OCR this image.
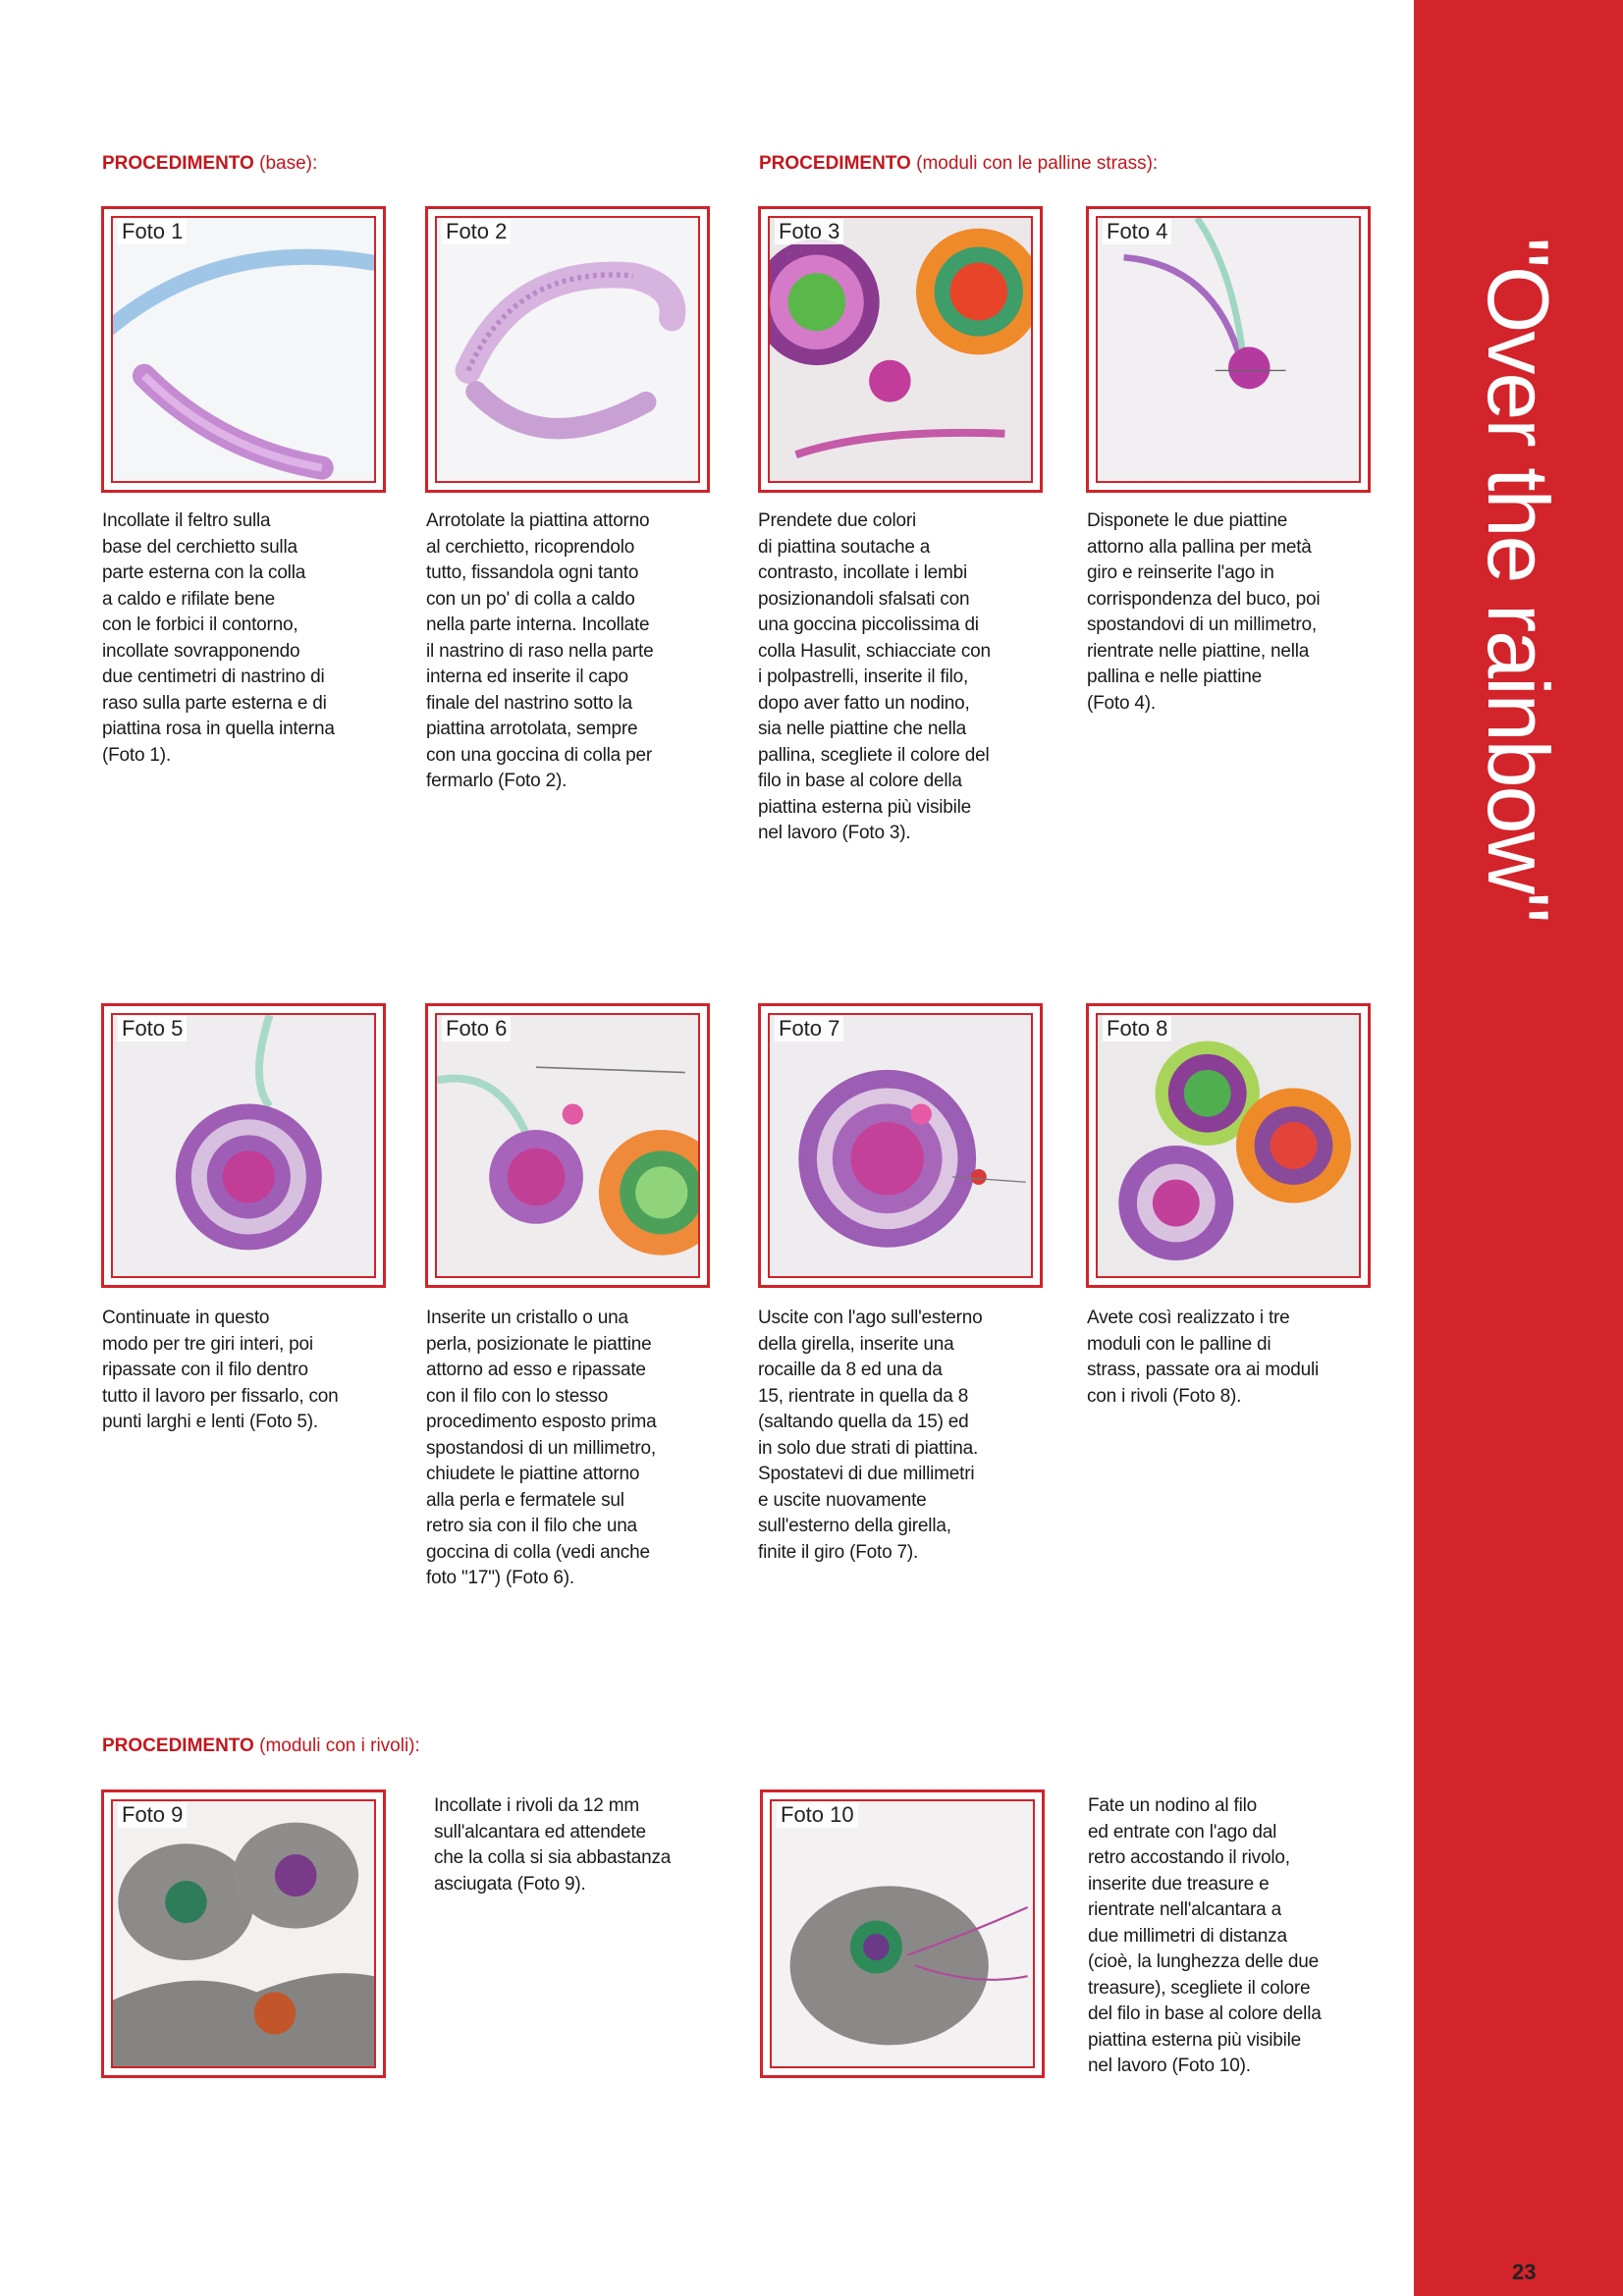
PROCEDIMENTO (base):	PROCEDIMENTO (moduli con le palline strass):
PROCEDIMENTO (moduli con i rivoli):
Foto 1	Foto 2	Foto 3	Foto 4
Incollate il feltro sulla
base del cerchietto sulla
parte esterna con la colla
a caldo e rifilate bene
con le forbici il contorno,
incollate sovrapponendo
due centimetri di nastrino di
raso sulla parte esterna e di
piattina rosa in quella interna
(Foto 1).
Arrotolate la piattina attorno
al cerchietto, ricoprendolo
tutto, fissandola ogni tanto
con un po' di colla a caldo
nella parte interna. Incollate
il nastrino di raso nella parte
interna ed inserite il capo
finale del nastrino sotto la
piattina arrotolata, sempre
con una goccina di colla per
fermarlo (Foto 2).
Prendete due colori
di piattina soutache a
contrasto, incollate i lembi
posizionandoli sfalsati con
una goccina piccolissima di
colla Hasulit, schiacciate con
i polpastrelli, inserite il filo,
dopo aver fatto un nodino,
sia nelle piattine che nella
pallina, scegliete il colore del
filo in base al colore della
piattina esterna più visibile
nel lavoro (Foto 3).
Disponete le due piattine
attorno alla pallina per metà
giro e reinserite l'ago in
corrispondenza del buco, poi
spostandovi di un millimetro,
rientrate nelle piattine, nella
pallina e nelle piattine
(Foto 4).
Foto 5	Foto 6	Foto 7	Foto 8
Continuate in questo
modo per tre giri interi, poi
ripassate con il filo dentro
tutto il lavoro per fissarlo, con
punti larghi e lenti (Foto 5).
Inserite un cristallo o una
perla, posizionate le piattine
attorno ad esso e ripassate
con il filo con lo stesso
procedimento esposto prima
spostandosi di un millimetro,
chiudete le piattine attorno
alla perla e fermatele sul
retro sia con il filo che una
goccina di colla (vedi anche
foto "17") (Foto 6).
Uscite con l'ago sull'esterno
della girella, inserite una
rocaille da 8 ed una da
15, rientrate in quella da 8
(saltando quella da 15) ed
in solo due strati di piattina.
Spostatevi di due millimetri
e uscite nuovamente
sull'esterno della girella,
finite il giro (Foto 7).
Avete così realizzato i tre
moduli con le palline di
strass, passate ora ai moduli
con i rivoli (Foto 8).
Foto 9	Incollate i rivoli da 12 mm
sull'alcantara ed attendete
che la colla si sia abbastanza
asciugata (Foto 9).
Foto 10	Fate un nodino al filo
ed entrate con l'ago dal
retro accostando il rivolo,
inserite due treasure e
rientrate nell'alcantara a
due millimetri di distanza
(cioè, la lunghezza delle due
treasure), scegliete il colore
del filo in base al colore della
piattina esterna più visibile
nel lavoro (Foto 10).
"Over the rainbow"
23
